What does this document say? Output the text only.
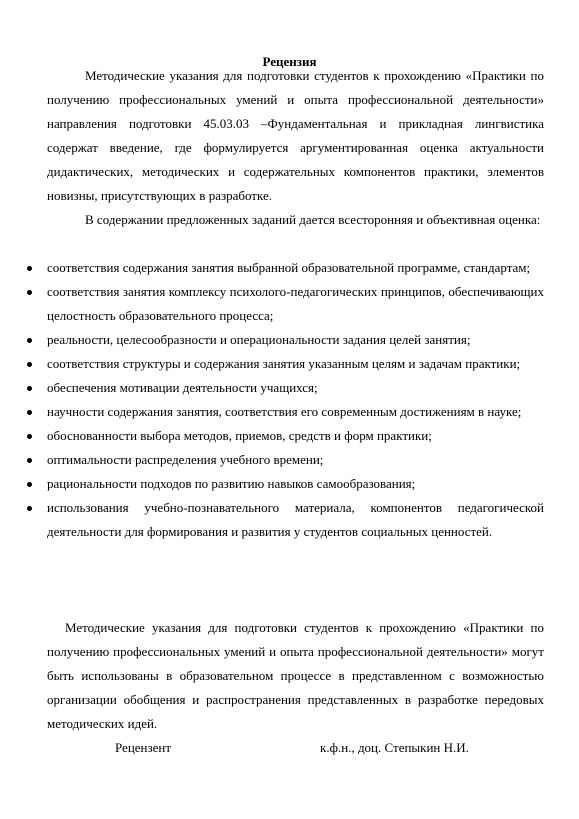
Рецензия

Методические указания для подготовки студентов к прохождению «Практики по получению профессиональных умений и опыта профессиональной деятельности» направления подготовки 45.03.03 –Фундаментальная и прикладная лингвистика содержат введение, где формулируется аргументированная оценка актуальности дидактических, методических и содержательных компонентов практики, элементов новизны, присутствующих в разработке.

В содержании предложенных заданий дается всесторонняя и объективная оценка:

соответствия содержания занятия выбранной образовательной программе, стандартам;
соответствия занятия комплексу психолого-педагогических принципов, обеспечивающих целостность образовательного процесса;
реальности, целесообразности и операциональности задания целей занятия;
соответствия структуры и содержания занятия указанным целям и задачам практики;
обеспечения мотивации деятельности учащихся;
научности содержания занятия, соответствия его современным достижениям в науке;
обоснованности выбора методов, приемов, средств и форм практики;
оптимальности распределения учебного времени;
рациональности подходов по развитию навыков самообразования;
использования учебно-познавательного материала, компонентов педагогической деятельности для формирования и развития у студентов социальных ценностей.

Методические указания для подготовки студентов к прохождению «Практики по получению профессиональных умений и опыта профессиональной деятельности» могут быть использованы в образовательном процессе в представленном с возможностью организации обобщения и распространения представленных в разработке передовых методических идей.

Рецензент	к.ф.н., доц. Степыкин Н.И.
